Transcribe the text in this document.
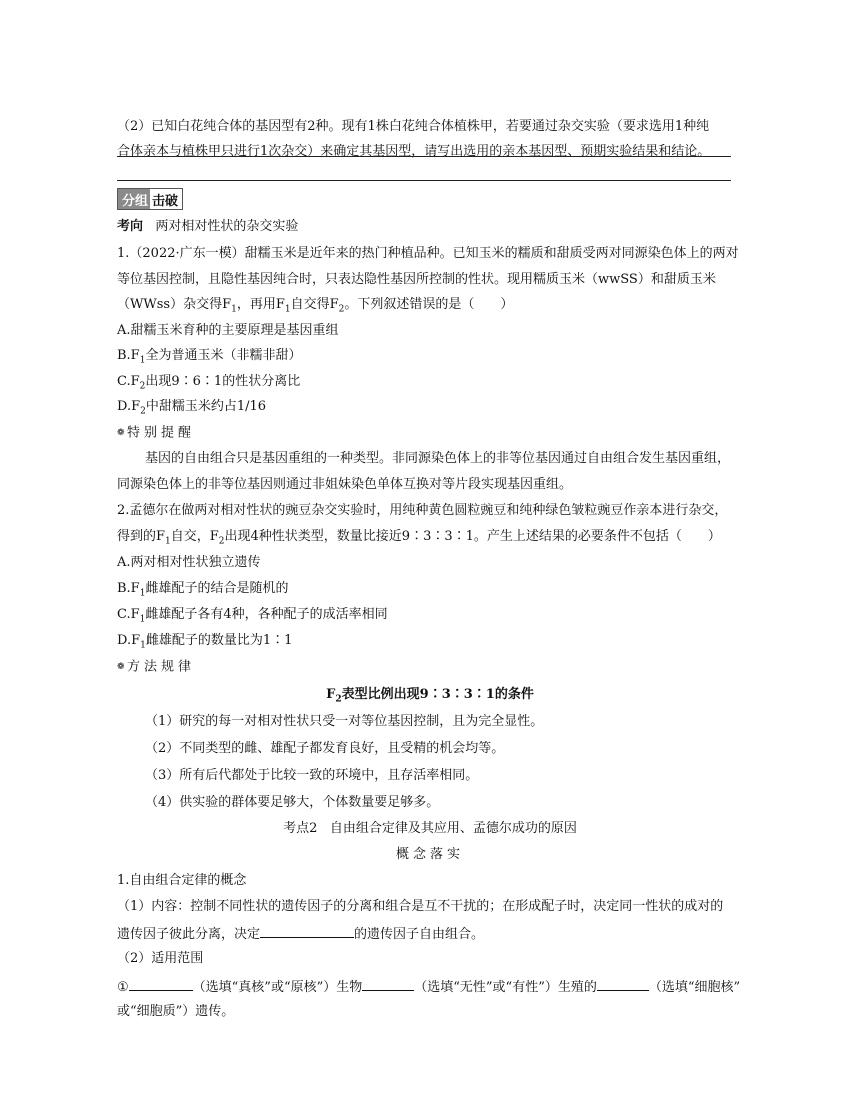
（2）已知白花纯合体的基因型有2种。现有1株白花纯合体植株甲，若要通过杂交实验（要求选用1种纯
合体亲本与植株甲只进行1次杂交）来确定其基因型，请写出选用的亲本基因型、预期实验结果和结论。
分组 击破
考向 两对相对性状的杂交实验
1.（2022·广东一模）甜糯玉米是近年来的热门种植品种。已知玉米的糯质和甜质受两对同源染色体上的两对
等位基因控制，且隐性基因纯合时，只表达隐性基因所控制的性状。现用糯质玉米（wwSS）和甜质玉米
（WWss）杂交得$F_1$，再用$F_1$自交得$F_2$。下列叙述错误的是（　　）
A.甜糯玉米育种的主要原理是基因重组
$B.F_1$全为普通玉米（非糯非甜）
$C.F_2$出现9∶6∶1的性状分离比
$D.F_2$中甜糯玉米约占1/16
❁ 特别提醒
基因的自由组合只是基因重组的一种类型。非同源染色体上的非等位基因通过自由组合发生基因重组，
同源染色体上的非等位基因则通过非姐妹染色单体互换对等片段实现基因重组。
2.孟德尔在做两对相对性状的豌豆杂交实验时，用纯种黄色圆粒豌豆和纯种绿色皱粒豌豆作亲本进行杂交，
得到的$F_1$自交，$F_2$出现4种性状类型，数量比接近9∶3∶3∶1。产生上述结果的必要条件不包括（　　）
A.两对相对性状独立遗传
$B.F_1$雌雄配子的结合是随机的
$C.F_1$雌雄配子各有4种，各种配子的成活率相同
$D.F_1$雌雄配子的数量比为1∶1
❁ 方法规律
$F_2$表型比例出现9∶3∶3∶1的条件
（1）研究的每一对相对性状只受一对等位基因控制，且为完全显性。
（2）不同类型的雌、雄配子都发育良好，且受精的机会均等。
（3）所有后代都处于比较一致的环境中，且存活率相同。
（4）供实验的群体要足够大，个体数量要足够多。
考点2 自由组合定律及其应用、孟德尔成功的原因
概念落实
1.自由组合定律的概念
（1）内容：控制不同性状的遗传因子的分离和组合是互不干扰的；在形成配子时，决定同一性状的成对的
遗传因子彼此分离，决定	的遗传因子自由组合。
（2）适用范围
①	（选填“真核”或“原核”）生物	（选填“无性”或“有性”）生殖的	（选填“细胞核”
或“细胞质”）遗传。
